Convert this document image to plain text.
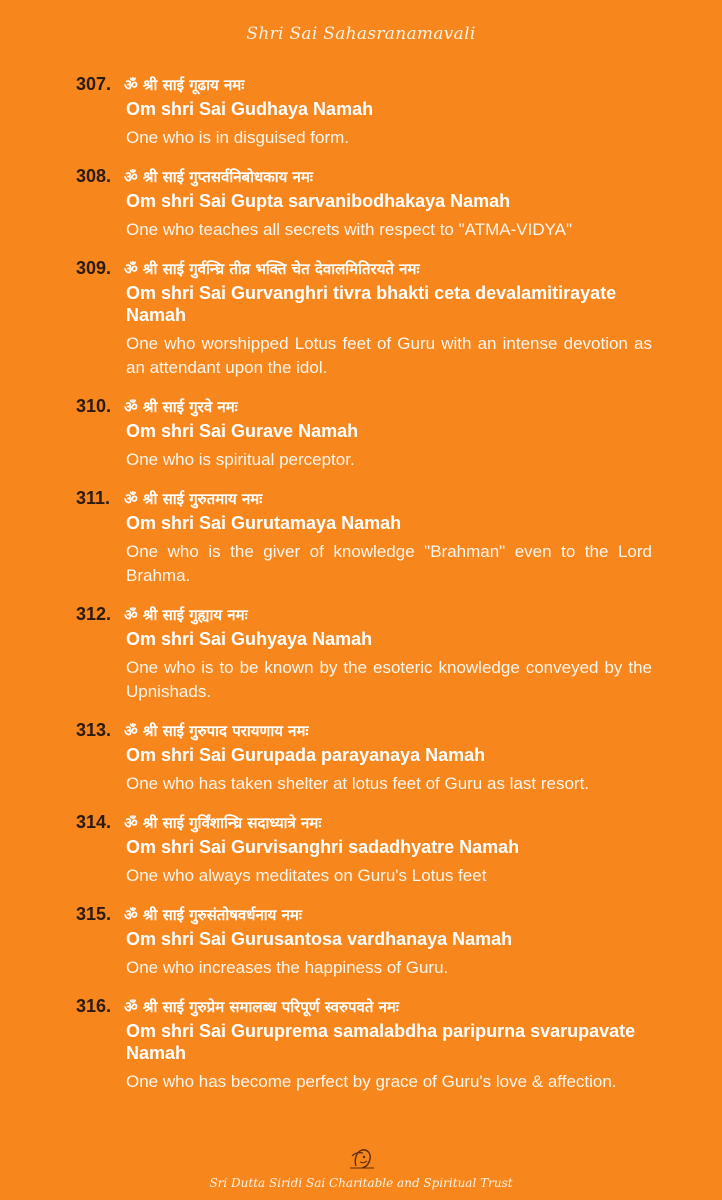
Shri Sai Sahasranamavali
307. ॐ श्री साई गूढाय नमः
Om shri Sai Gudhaya Namah
One who is in disguised form.
308. ॐ श्री साई गुप्तसर्वनिबोधकाय नमः
Om shri Sai Gupta sarvanibodhakaya Namah
One who teaches all secrets with respect to "ATMA-VIDYA"
309. ॐ श्री साई गुर्वन्घ्रि तीव्र भक्ति चेत देवालमितिरयते नमः
Om shri Sai Gurvanghri tivra bhakti ceta devalamitirayate Namah
One who worshipped Lotus feet of Guru with an intense devotion as an attendant upon the idol.
310. ॐ श्री साई गुरवे नमः
Om shri Sai Gurave Namah
One who is spiritual perceptor.
311. ॐ श्री साई गुरुतमाय नमः
Om shri Sai Gurutamaya Namah
One who is the giver of knowledge "Brahman" even to the Lord Brahma.
312. ॐ श्री साई गुह्याय नमः
Om shri Sai Guhyaya Namah
One who is to be known by the esoteric knowledge conveyed by the Upnishads.
313. ॐ श्री साई गुरुपाद परायणाय नमः
Om shri Sai Gurupada parayanaya Namah
One who has taken shelter at lotus feet of Guru as last resort.
314. ॐ श्री साई गुर्विंशान्घ्रि सदाध्यात्रे नमः
Om shri Sai Gurvisanghri sadadhyatre Namah
One who always meditates on Guru's Lotus feet
315. ॐ श्री साई गुरुसंतोषवर्धनाय नमः
Om shri Sai Gurusantosa vardhanaya Namah
One who increases the happiness of Guru.
316. ॐ श्री साई गुरुप्रेम समालब्ध परिपूर्ण स्वरुपवते नमः
Om shri Sai Guruprema samalabdha paripurna svarupavate Namah
One who has become perfect by grace of Guru's love & affection.
Sri Dutta Siridi Sai Charitable and Spiritual Trust
